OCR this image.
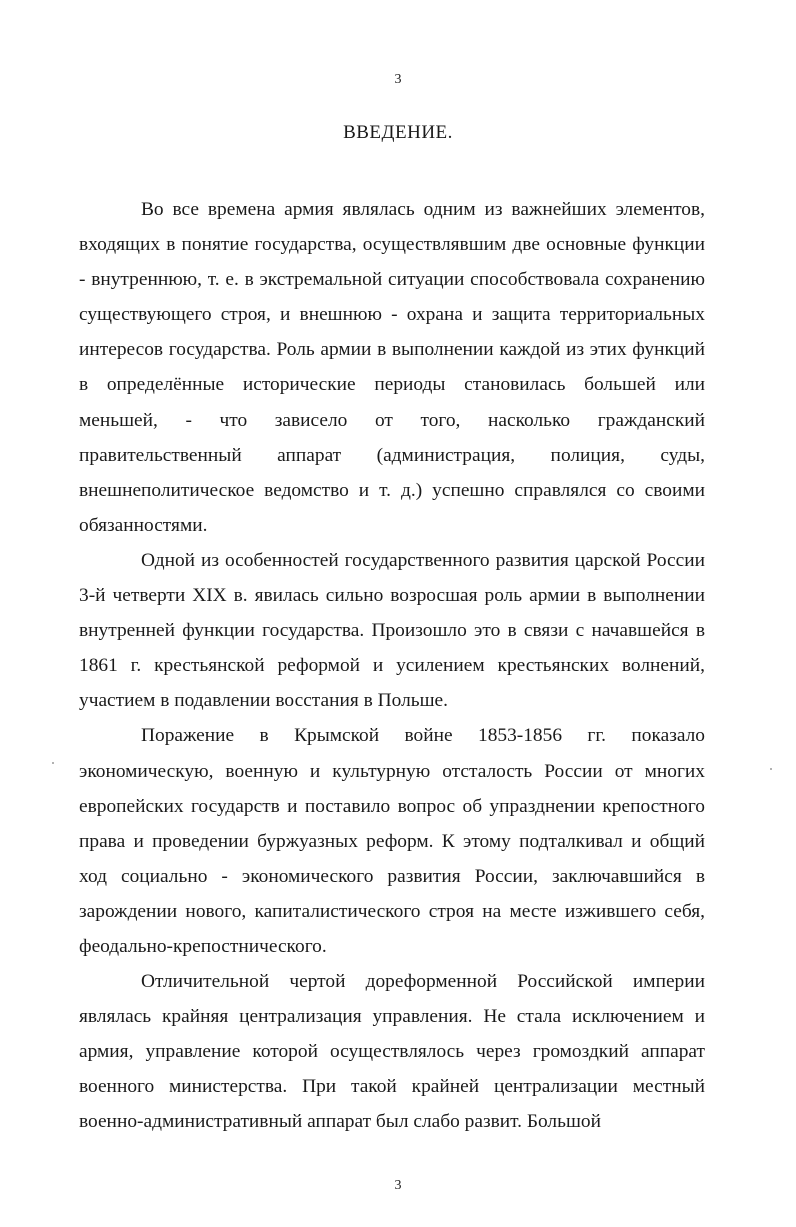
3
ВВЕДЕНИЕ.

Во все времена армия являлась одним из важнейших элементов, входящих в понятие государства, осуществлявшим две основные функции - внутреннюю, т. е. в экстремальной ситуации способствовала сохранению существующего строя, и внешнюю - охрана и защита территориальных интересов государства. Роль армии в выполнении каждой из этих функций в определённые исторические периоды становилась большей или меньшей, - что зависело от того, насколько гражданский правительственный аппарат (администрация, полиция, суды, внешнеполитическое ведомство и т. д.) успешно справлялся со своими обязанностями.

Одной из особенностей государственного развития царской России 3-й четверти XIX в. явилась сильно возросшая роль армии в выполнении внутренней функции государства. Произошло это в связи с начавшейся в 1861 г. крестьянской реформой и усилением крестьянских волнений, участием в подавлении восстания в Польше.

Поражение в Крымской войне 1853-1856 гг. показало экономическую, военную и культурную отсталость России от многих европейских государств и поставило вопрос об упразднении крепостного права и проведении буржуазных реформ. К этому подталкивал и общий ход социально - экономического развития России, заключавшийся в зарождении нового, капиталистического строя на месте изжившего себя, феодально-крепостнического.

Отличительной чертой дореформенной Российской империи являлась крайняя централизация управления. Не стала исключением и армия, управление которой осуществлялось через громоздкий аппарат военного министерства. При такой крайней централизации местный военно-административный аппарат был слабо развит. Большой

3
